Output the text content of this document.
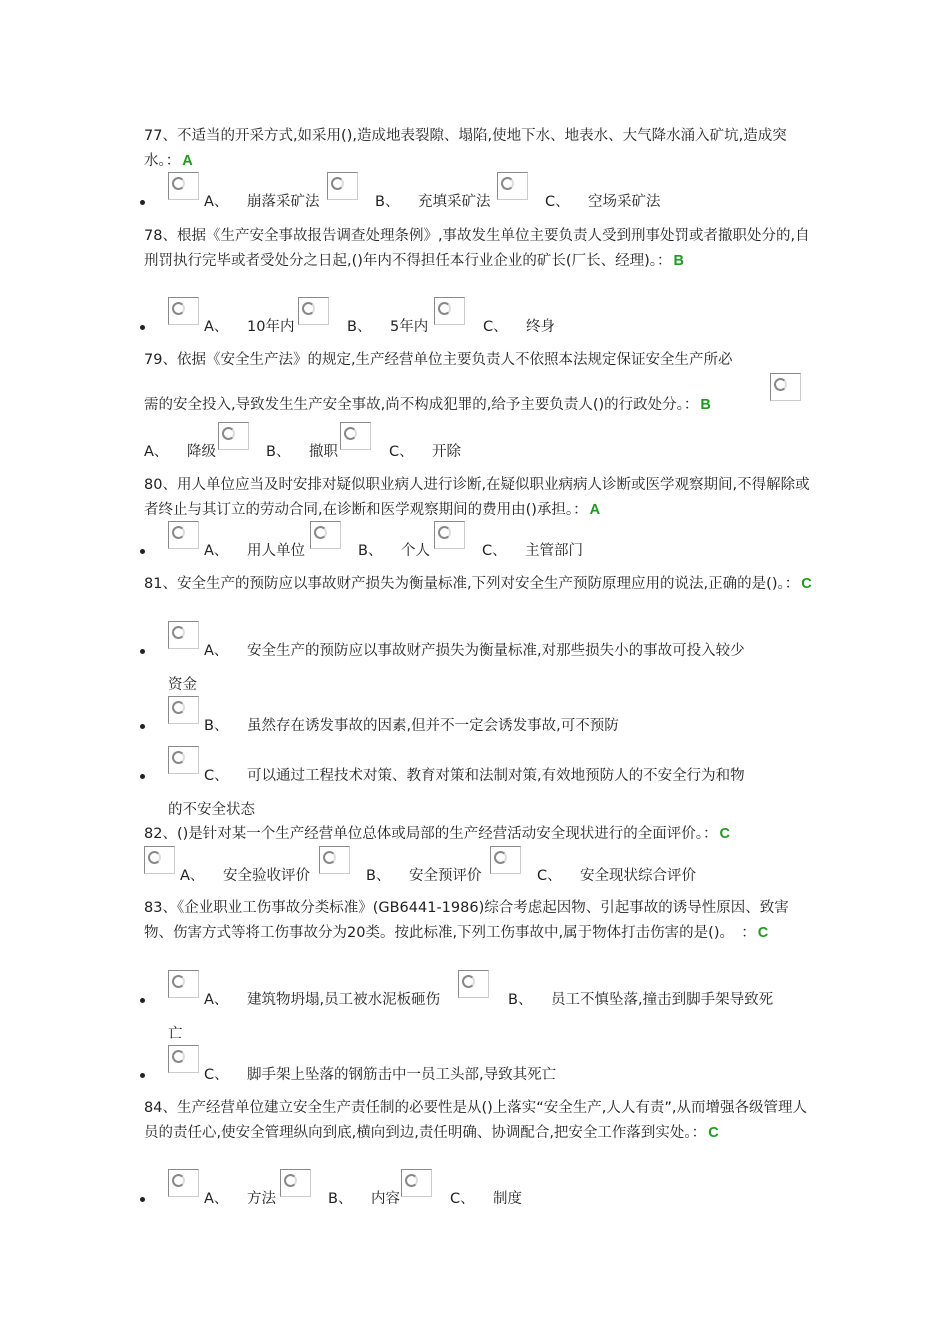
77、不适当的开采方式,如采用(),造成地表裂隙、塌陷,使地下水、地表水、大气降水涌入矿坑,造成突水。： A
A、 崩落采矿法	B、 充填采矿法	C、 空场采矿法
78、根据《生产安全事故报告调查处理条例》,事故发生单位主要负责人受到刑事处罚或者撤职处分的,自刑罚执行完毕或者受处分之日起,()年内不得担任本行业企业的矿长(厂长、经理)。： B
A、 10年内	B、 5年内	C、 终身
79、依据《安全生产法》的规定,生产经营单位主要负责人不依照本法规定保证安全生产所必
需的安全投入,导致发生生产安全事故,尚不构成犯罪的,给予主要负责人()的行政处分。： B
A、 降级	B、 撤职	C、 开除
80、用人单位应当及时安排对疑似职业病人进行诊断,在疑似职业病病人诊断或医学观察期间,不得解除或者终止与其订立的劳动合同,在诊断和医学观察期间的费用由()承担。： A
A、 用人单位	B、 个人	C、 主管部门
81、安全生产的预防应以事故财产损失为衡量标准,下列对安全生产预防原理应用的说法,正确的是()。： C
A、 安全生产的预防应以事故财产损失为衡量标准,对那些损失小的事故可投入较少
资金
B、 虽然存在诱发事故的因素,但并不一定会诱发事故,可不预防
C、 可以通过工程技术对策、教育对策和法制对策,有效地预防人的不安全行为和物
的不安全状态
82、()是针对某一个生产经营单位总体或局部的生产经营活动安全现状进行的全面评价。： C
A、 安全验收评价	B、 安全预评价	C、 安全现状综合评价
83、《企业职业工伤事故分类标准》(GB6441-1986)综合考虑起因物、引起事故的诱导性原因、致害物、伤害方式等将工伤事故分为20类。按此标准,下列工伤事故中,属于物体打击伤害的是()。　： C
A、 建筑物坍塌,员工被水泥板砸伤	B、 员工不慎坠落,撞击到脚手架导致死
亡
C、 脚手架上坠落的钢筋击中一员工头部,导致其死亡
84、生产经营单位建立安全生产责任制的必要性是从()上落实“安全生产,人人有责”,从而增强各级管理人员的责任心,使安全管理纵向到底,横向到边,责任明确、协调配合,把安全工作落到实处。： C
A、 方法	B、 内容	C、 制度
